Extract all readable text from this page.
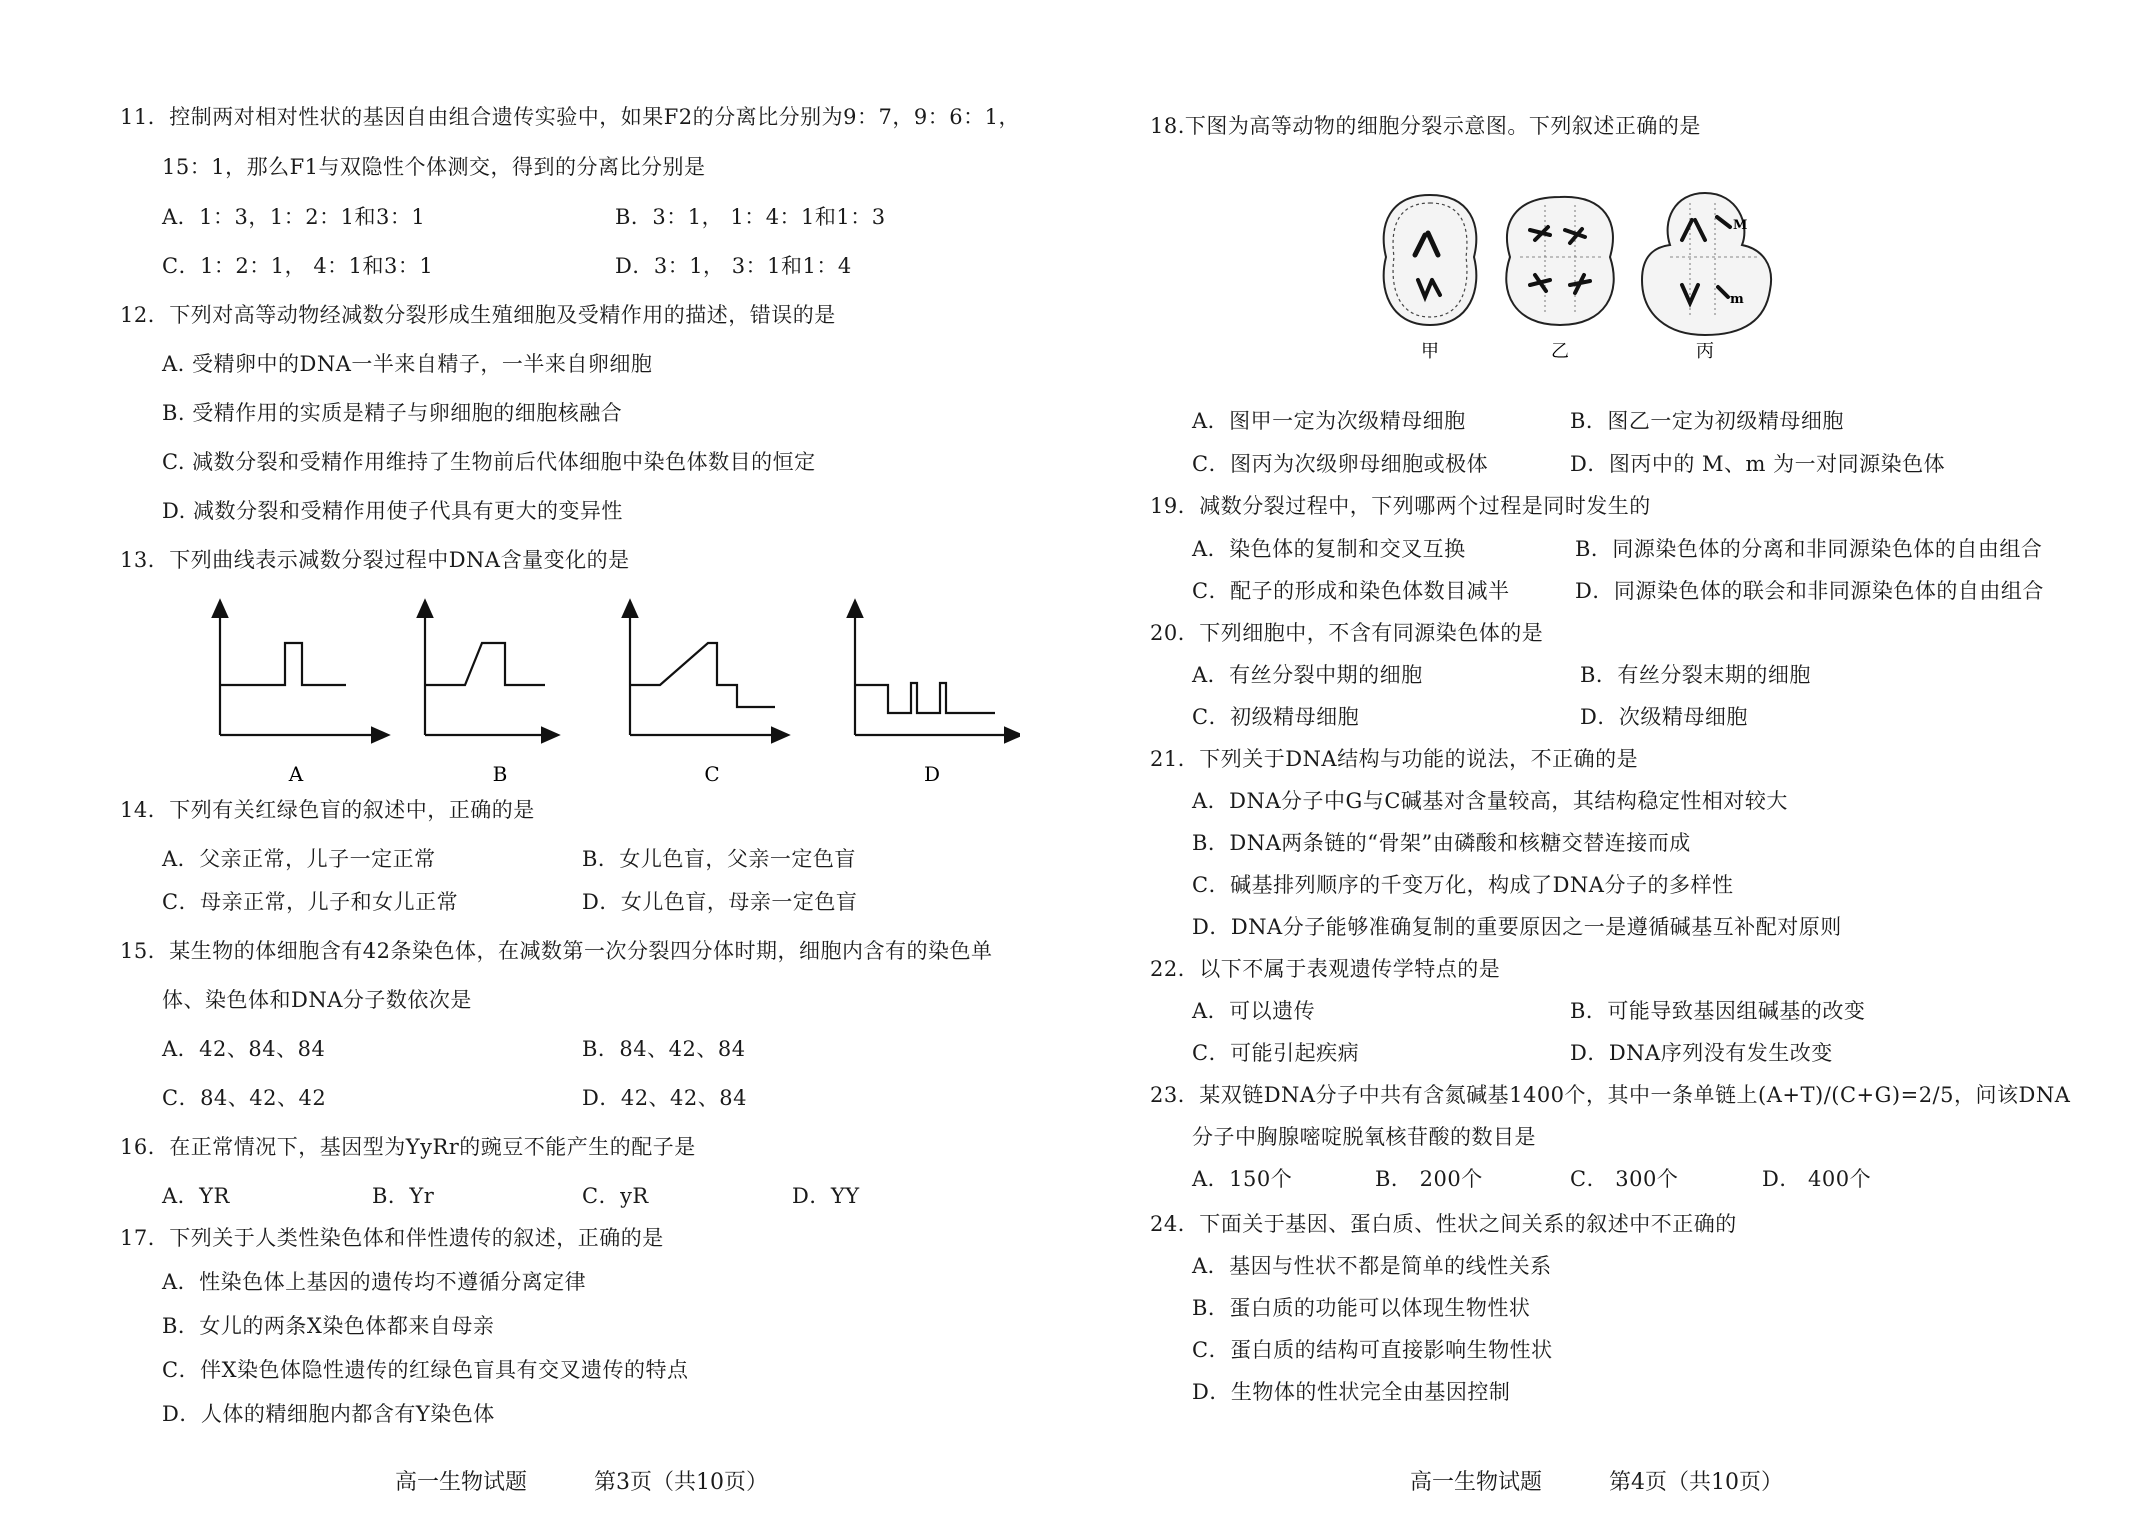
11．控制两对相对性状的基因自由组合遗传实验中，如果F2的分离比分别为9：7，9：6：1，
15：1，那么F1与双隐性个体测交，得到的分离比分别是
A．1：3，1：2：1和3：1	B．3：1， 1：4：1和1：3
C．1：2：1， 4：1和3：1	D．3：1， 3：1和1：4
12．下列对高等动物经减数分裂形成生殖细胞及受精作用的描述，错误的是
A. 受精卵中的DNA一半来自精子，一半来自卵细胞
B. 受精作用的实质是精子与卵细胞的细胞核融合
C. 减数分裂和受精作用维持了生物前后代体细胞中染色体数目的恒定
D. 减数分裂和受精作用使子代具有更大的变异性
13．下列曲线表示减数分裂过程中DNA含量变化的是
A	B	C	D
14．下列有关红绿色盲的叙述中，正确的是
A．父亲正常，儿子一定正常	B．女儿色盲，父亲一定色盲
C．母亲正常，儿子和女儿正常	D．女儿色盲，母亲一定色盲
15．某生物的体细胞含有42条染色体，在减数第一次分裂四分体时期，细胞内含有的染色单
体、染色体和DNA分子数依次是
A．42、84、84	B．84、42、84
C．84、42、42	D．42、42、84
16．在正常情况下，基因型为YyRr的豌豆不能产生的配子是
A．YR	B．Yr	C．yR	D．YY
17．下列关于人类性染色体和伴性遗传的叙述，正确的是
A．性染色体上基因的遗传均不遵循分离定律
B．女儿的两条X染色体都来自母亲
C．伴X染色体隐性遗传的红绿色盲具有交叉遗传的特点
D．人体的精细胞内都含有Y染色体
高一生物试题	第3页（共10页）
18.下图为高等动物的细胞分裂示意图。下列叙述正确的是
甲	乙
M
m
丙
A．图甲一定为次级精母细胞	B．图乙一定为初级精母细胞
C．图丙为次级卵母细胞或极体	D．图丙中的 M、m 为一对同源染色体
19．减数分裂过程中，下列哪两个过程是同时发生的
A．染色体的复制和交叉互换	B．同源染色体的分离和非同源染色体的自由组合
C．配子的形成和染色体数目减半	D．同源染色体的联会和非同源染色体的自由组合
20．下列细胞中，不含有同源染色体的是
A．有丝分裂中期的细胞	B．有丝分裂末期的细胞
C．初级精母细胞	D．次级精母细胞
21．下列关于DNA结构与功能的说法，不正确的是
A．DNA分子中G与C碱基对含量较高，其结构稳定性相对较大
B．DNA两条链的“骨架”由磷酸和核糖交替连接而成
C．碱基排列顺序的千变万化，构成了DNA分子的多样性
D．DNA分子能够准确复制的重要原因之一是遵循碱基互补配对原则
22．以下不属于表观遗传学特点的是
A．可以遗传	B．可能导致基因组碱基的改变
C．可能引起疾病	D．DNA序列没有发生改变
23．某双链DNA分子中共有含氮碱基1400个，其中一条单链上(A+T)/(C+G)=2/5，问该DNA
分子中胸腺嘧啶脱氧核苷酸的数目是
A．150个	B． 200个	C． 300个	D． 400个
24．下面关于基因、蛋白质、性状之间关系的叙述中不正确的
A．基因与性状不都是简单的线性关系
B．蛋白质的功能可以体现生物性状
C．蛋白质的结构可直接影响生物性状
D．生物体的性状完全由基因控制
高一生物试题	第4页（共10页）
